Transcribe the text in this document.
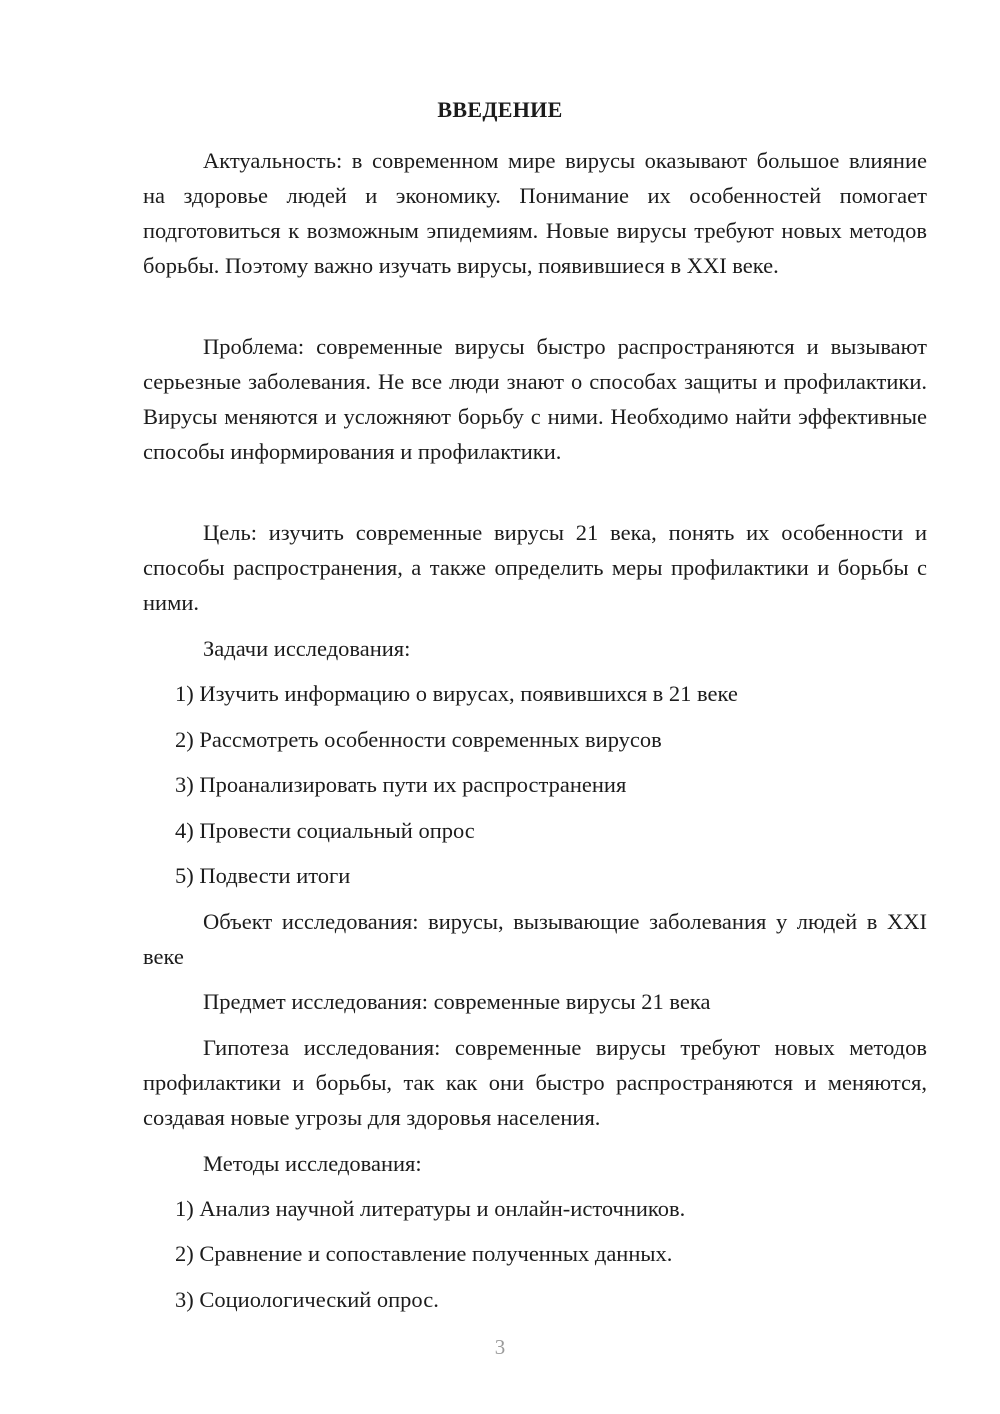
ВВЕДЕНИЕ
Актуальность: в современном мире вирусы оказывают большое влияние на здоровье людей и экономику. Понимание их особенностей помогает подготовиться к возможным эпидемиям. Новые вирусы требуют новых методов борьбы. Поэтому важно изучать вирусы, появившиеся в XXI веке.
Проблема: современные вирусы быстро распространяются и вызывают серьезные заболевания. Не все люди знают о способах защиты и профилактики. Вирусы меняются и усложняют борьбу с ними. Необходимо найти эффективные способы информирования и профилактики.
Цель: изучить современные вирусы 21 века, понять их особенности и способы распространения, а также определить меры профилактики и борьбы с ними.
Задачи исследования:
1) Изучить информацию о вирусах, появившихся в 21 веке
2) Рассмотреть особенности современных вирусов
3) Проанализировать пути их распространения
4) Провести социальный опрос
5) Подвести итоги
Объект исследования: вирусы, вызывающие заболевания у людей в XXI веке
Предмет исследования: современные вирусы 21 века
Гипотеза исследования: современные вирусы требуют новых методов профилактики и борьбы, так как они быстро распространяются и меняются, создавая новые угрозы для здоровья населения.
Методы исследования:
1) Анализ научной литературы и онлайн-источников.
2) Сравнение и сопоставление полученных данных.
3) Социологический опрос.
3
